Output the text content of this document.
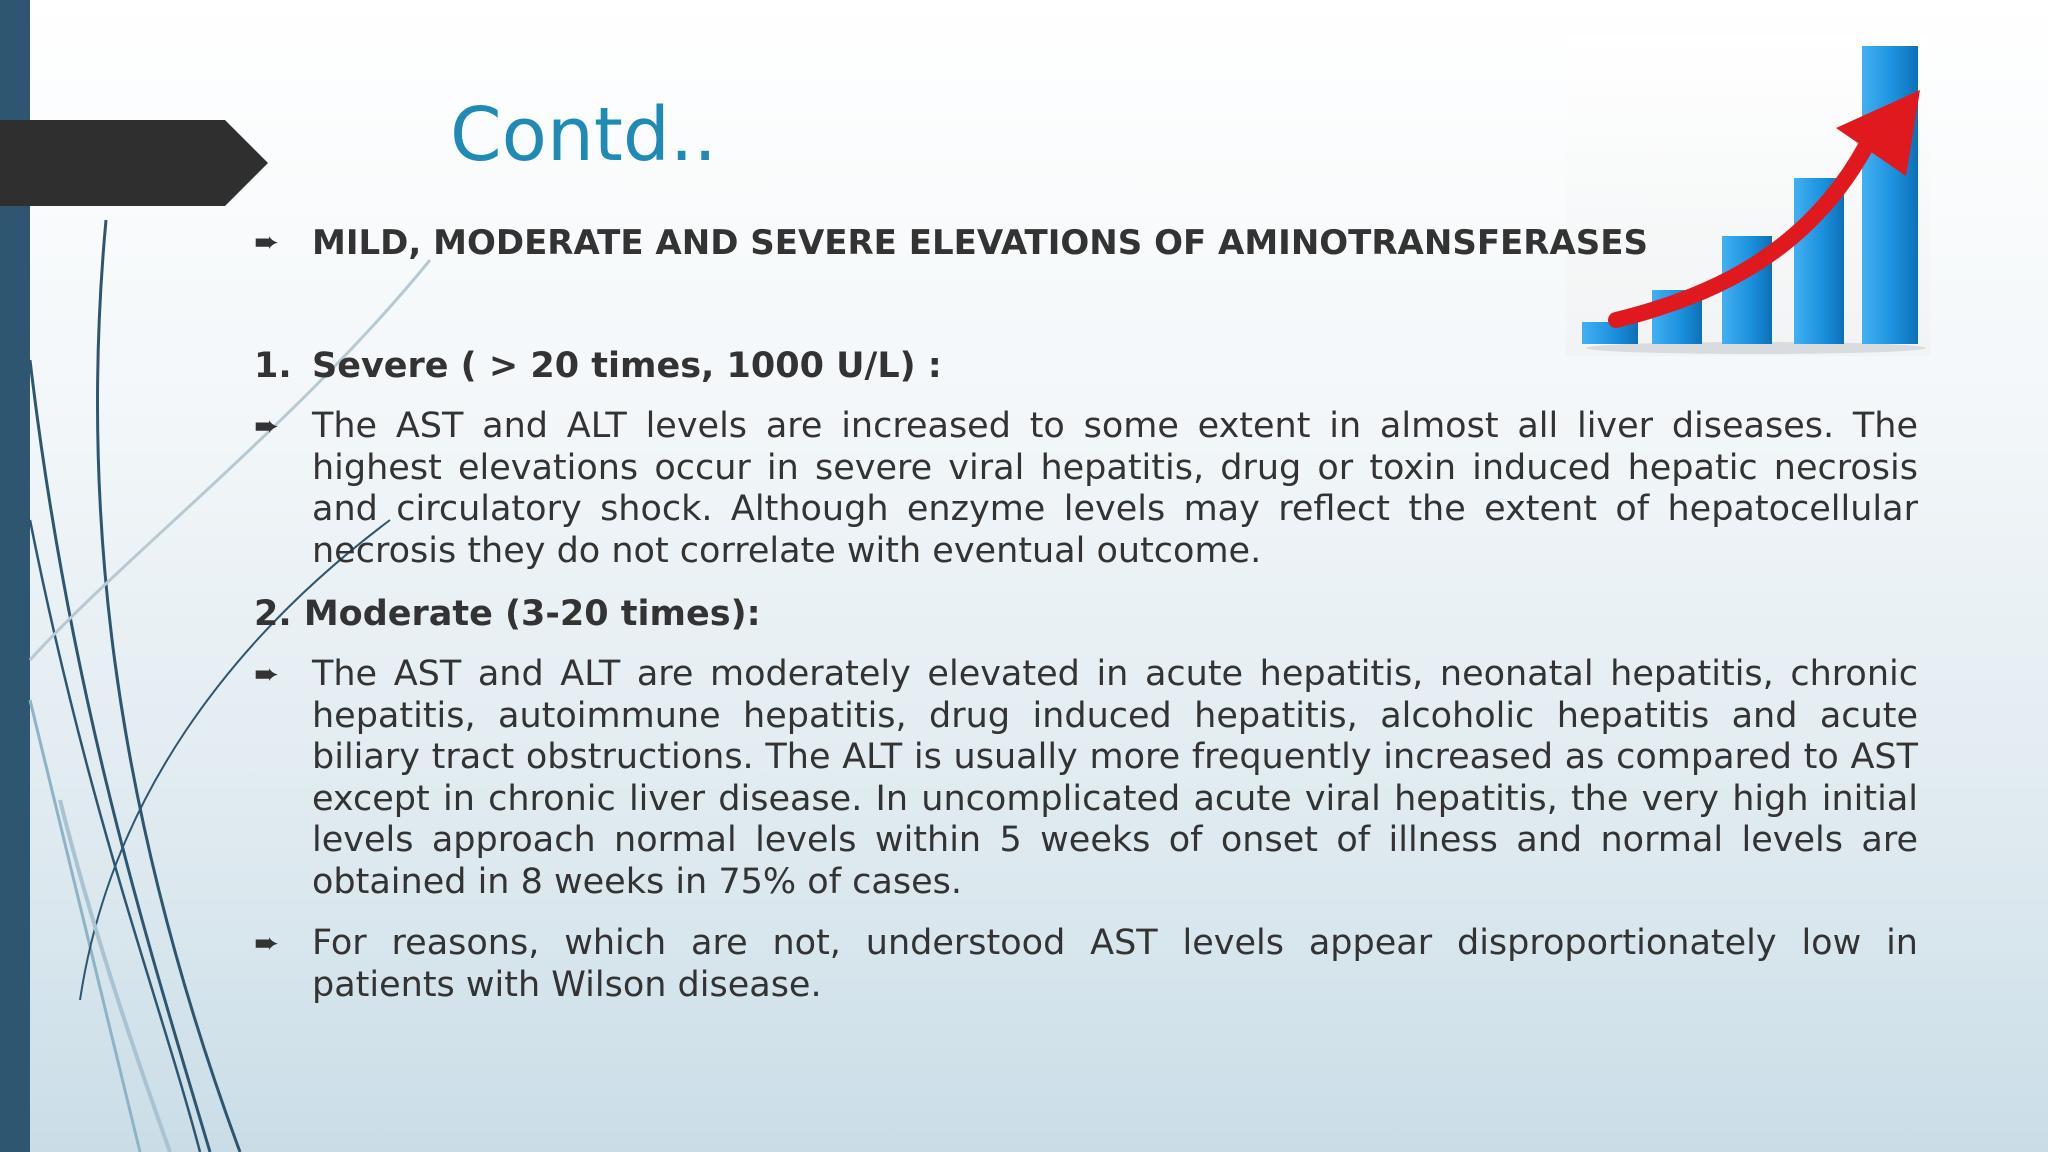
Contd..
➨ MILD, MODERATE AND SEVERE ELEVATIONS OF AMINOTRANSFERASES
1. Severe ( > 20 times, 1000 U/L) :
➨ The AST and ALT levels are increased to some extent in almost all liver diseases. The highest elevations occur in severe viral hepatitis, drug or toxin induced hepatic necrosis and circulatory shock. Although enzyme levels may reflect the extent of hepatocellular necrosis they do not correlate with eventual outcome.
2. Moderate (3-20 times):
➨ The AST and ALT are moderately elevated in acute hepatitis, neonatal hepatitis, chronic hepatitis, autoimmune hepatitis, drug induced hepatitis, alcoholic hepatitis and acute biliary tract obstructions. The ALT is usually more frequently increased as compared to AST except in chronic liver disease. In uncomplicated acute viral hepatitis, the very high initial levels approach normal levels within 5 weeks of onset of illness and normal levels are obtained in 8 weeks in 75% of cases.
➨ For reasons, which are not, understood AST levels appear disproportionately low in patients with Wilson disease.
